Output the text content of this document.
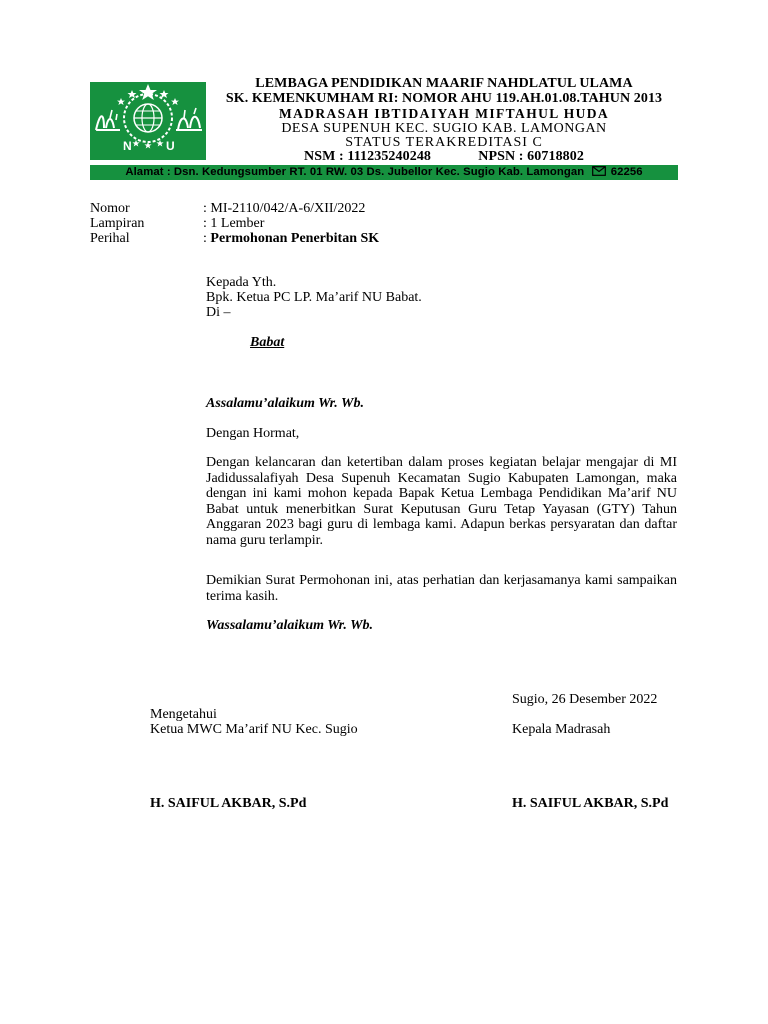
N	U
LEMBAGA PENDIDIKAN MAARIF NAHDLATUL ULAMA
SK. KEMENKUMHAM RI: NOMOR AHU 119.AH.01.08.TAHUN 2013
MADRASAH IBTIDAIYAH MIFTAHUL HUDA
DESA SUPENUH KEC. SUGIO KAB. LAMONGAN
STATUS TERAKREDITASI C
NSM : 111235240248	NPSN : 60718802
Alamat : Dsn. Kedungsumber RT. 01 RW. 03 Ds. Jubellor Kec. Sugio Kab. Lamongan 62256
Nomor	: MI-2110/042/A-6/XII/2022
Lampiran	: 1 Lember
Perihal	: Permohonan Penerbitan SK
Kepada Yth.
Bpk. Ketua PC LP. Ma’arif NU Babat.
Di –
Babat
Assalamu’alaikum Wr. Wb.
Dengan Hormat,
Dengan kelancaran dan ketertiban dalam proses kegiatan belajar mengajar di MI Jadidussalafiyah Desa Supenuh Kecamatan Sugio Kabupaten Lamongan, maka dengan ini kami mohon kepada Bapak Ketua Lembaga Pendidikan Ma’arif NU Babat untuk menerbitkan Surat Keputusan Guru Tetap Yayasan (GTY) Tahun Anggaran 2023 bagi guru di lembaga kami. Adapun berkas persyaratan dan daftar nama guru terlampir.
Demikian Surat Permohonan ini, atas perhatian dan kerjasamanya kami sampaikan terima kasih.
Wassalamu’alaikum Wr. Wb.
Sugio, 26 Desember 2022
Mengetahui
Ketua MWC Ma’arif NU Kec. Sugio	Kepala Madrasah
H. SAIFUL AKBAR, S.Pd	H. SAIFUL AKBAR, S.Pd
